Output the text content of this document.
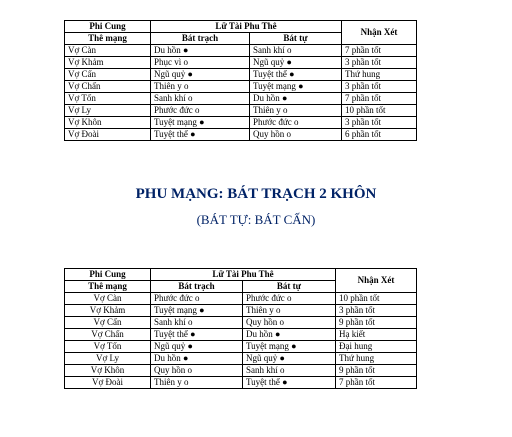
Phi Cung	Lữ Tài Phu Thê		Nhận Xét
Thê mạng	Bát trạch	Bát tự	
Vợ Càn	Du hồn ●	Sanh khí o	7 phần tốt
Vợ Khảm	Phục vì o	Ngũ quỷ ●	3 phần tốt
Vợ Cấn	Ngũ quỷ ●	Tuyệt thể ●	Thứ hung
Vợ Chấn	Thiên y o	Tuyệt mạng ●	3 phần tốt
Vợ Tốn	Sanh khí o	Du hồn ●	7 phần tốt
Vợ Ly	Phước đức o	Thiên y o	10 phần tốt
Vợ Khôn	Tuyệt mạng ●	Phước đức o	3 phần tốt
Vợ Đoài	Tuyệt thể ●	Quy hồn o	6 phần tốt
PHU MẠNG: BÁT TRẠCH 2 KHÔN
(BÁT TỰ: BÁT CẤN)
Phi Cung	Lữ Tài Phu Thê		Nhận Xét
Thê mạng	Bát trạch	Bát tự	
Vợ Càn	Phước đức o	Phước đức o	10 phần tốt
Vợ Khảm	Tuyệt mạng ●	Thiên y o	3 phần tốt
Vợ Cấn	Sanh khí o	Quy hồn o	9 phần tốt
Vợ Chấn	Tuyệt thể ●	Du hồn ●	Hạ kiết
Vợ Tốn	Ngũ quỷ ●	Tuyệt mạng ●	Đại hung
Vợ Ly	Du hồn ●	Ngũ quỷ ●	Thứ hung
Vợ Khôn	Quy hồn o	Sanh khí o	9 phần tốt
Vợ Đoài	Thiên y o	Tuyệt thể ●	7 phần tốt
